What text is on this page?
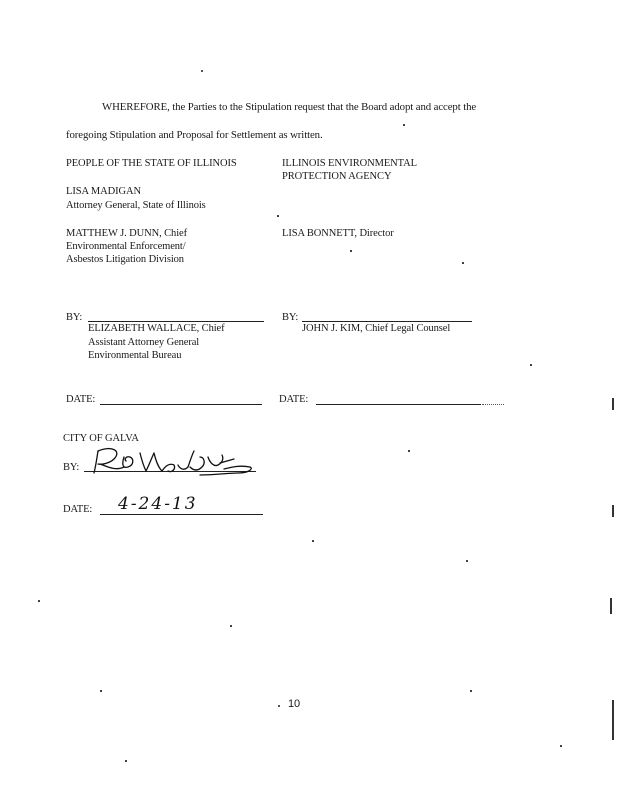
WHEREFORE, the Parties to the Stipulation request that the Board adopt and accept the
foregoing Stipulation and Proposal for Settlement as written.
PEOPLE OF THE STATE OF ILLINOIS
LISA MADIGAN
Attorney General, State of Illinois
MATTHEW J. DUNN, Chief
Environmental Enforcement/
Asbestos Litigation Division
ILLINOIS ENVIRONMENTAL
PROTECTION AGENCY
LISA BONNETT, Director
BY:
ELIZABETH WALLACE, Chief
Assistant Attorney General
Environmental Bureau
BY:
JOHN J. KIM, Chief Legal Counsel
DATE:	DATE:
CITY OF GALVA
BY:
DATE: 4-24-13
10
